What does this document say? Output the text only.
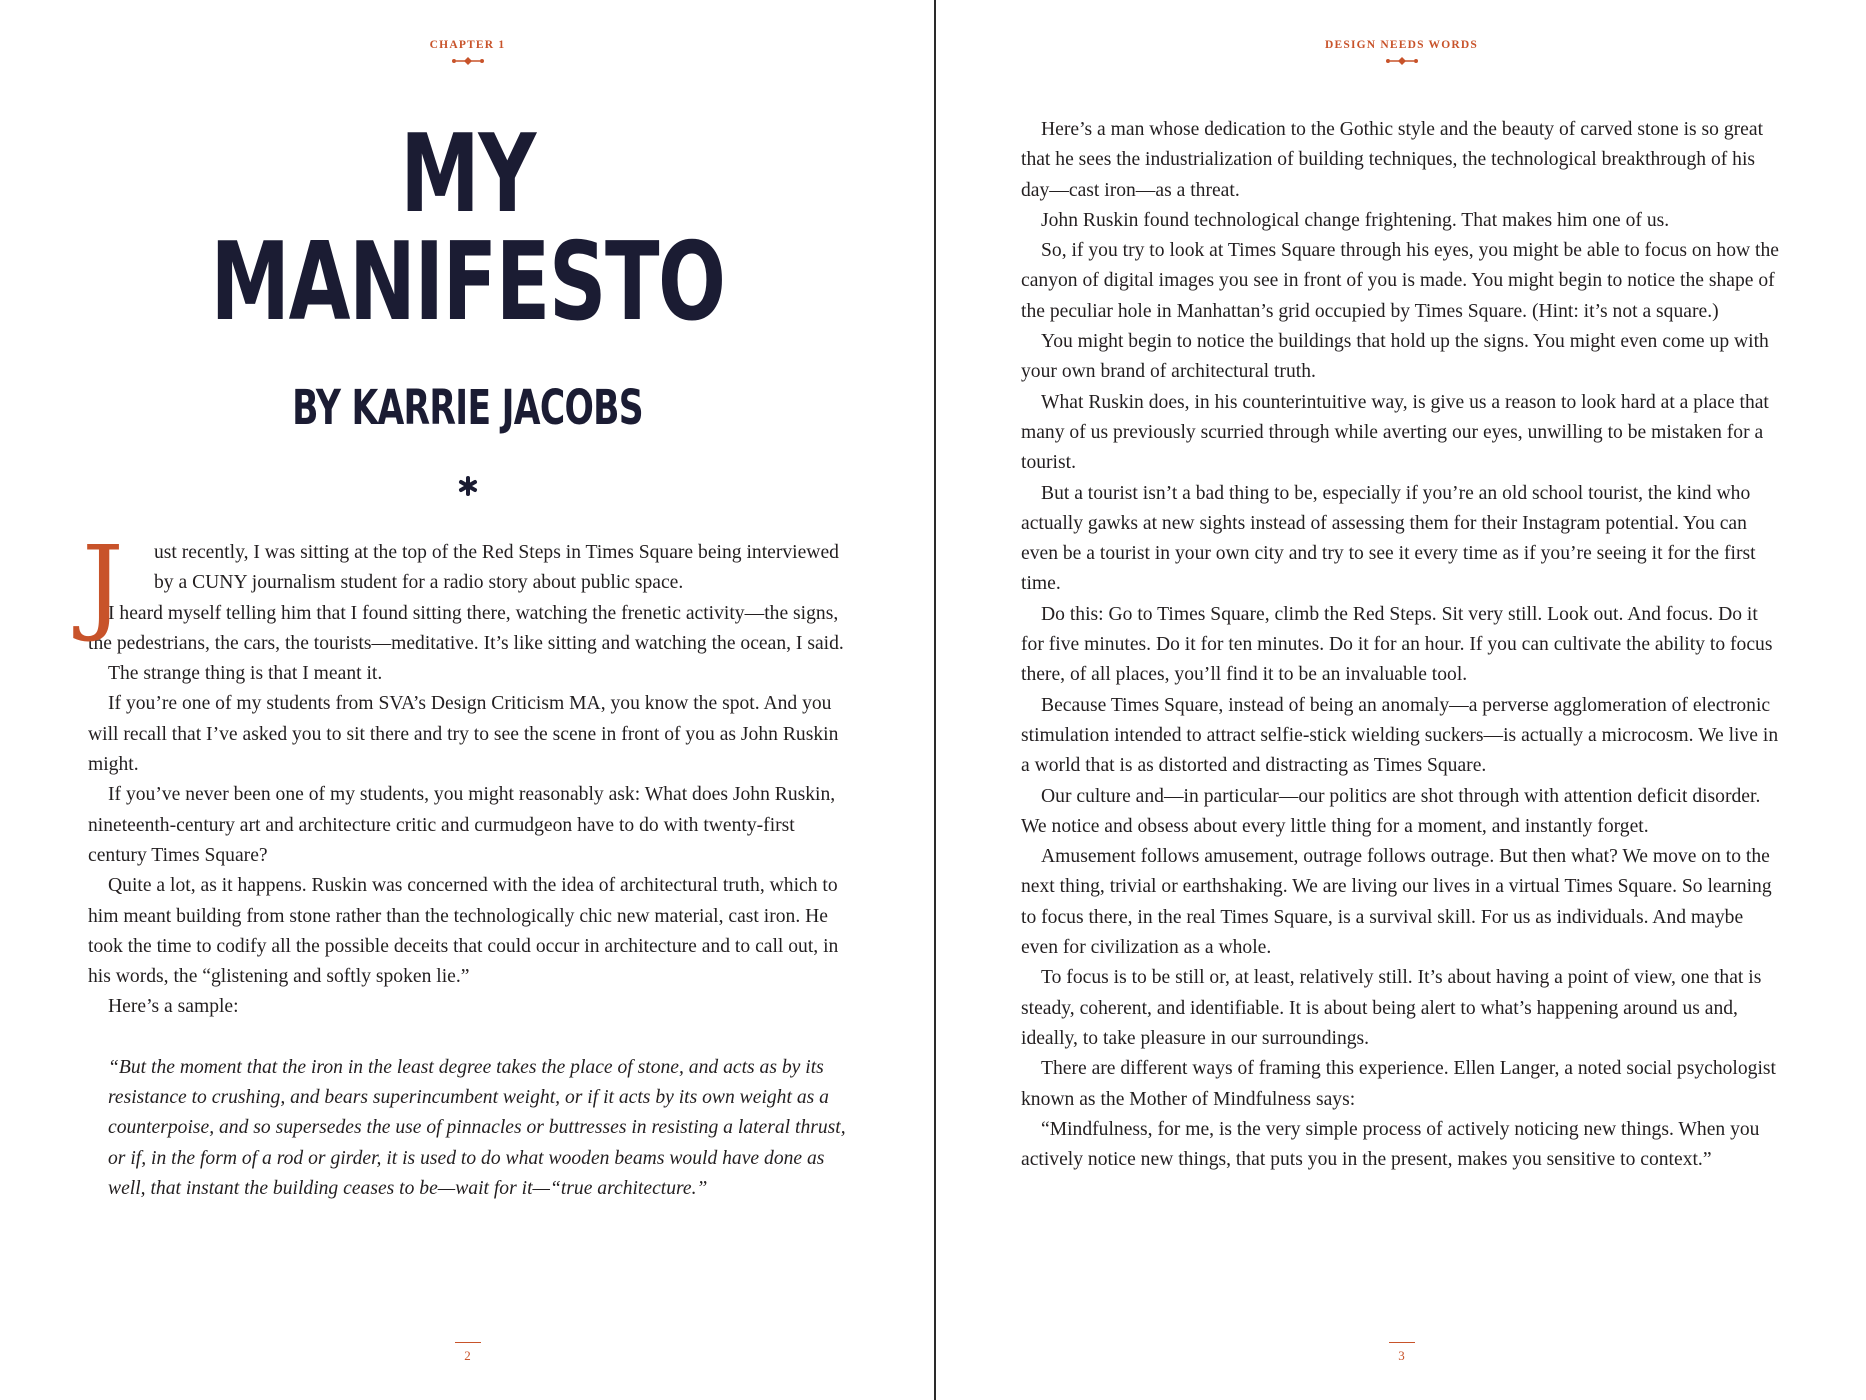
CHAPTER 1
MY
MANIFESTO
BY KARRIE JACOBS

J ust recently, I was sitting at the top of the Red Steps in Times Square being interviewed by a CUNY journalism student for a radio story about public space.

I heard myself telling him that I found sitting there, watching the frenetic activity—the signs, the pedestrians, the cars, the tourists—meditative. It’s like sitting and watching the ocean, I said.

The strange thing is that I meant it.

If you’re one of my students from SVA’s Design Criticism MA, you know the spot. And you will recall that I’ve asked you to sit there and try to see the scene in front of you as John Ruskin might.

If you’ve never been one of my students, you might reasonably ask: What does John Ruskin, nineteenth-century art and architecture critic and curmudgeon have to do with twenty-first century Times Square?

Quite a lot, as it happens. Ruskin was concerned with the idea of architectural truth, which to him meant building from stone rather than the technologically chic new material, cast iron. He took the time to codify all the possible deceits that could occur in architecture and to call out, in his words, the “glistening and softly spoken lie.”

Here’s a sample:

“But the moment that the iron in the least degree takes the place of stone, and acts as by its resistance to crushing, and bears superincumbent weight, or if it acts by its own weight as a counterpoise, and so supersedes the use of pinnacles or buttresses in resisting a lateral thrust, or if, in the form of a rod or girder, it is used to do what wooden beams would have done as well, that instant the building ceases to be—wait for it—“true architecture.”

2
DESIGN NEEDS WORDS

Here’s a man whose dedication to the Gothic style and the beauty of carved stone is so great that he sees the industrialization of building techniques, the technological breakthrough of his day—cast iron—as a threat.

John Ruskin found technological change frightening. That makes him one of us.

So, if you try to look at Times Square through his eyes, you might be able to focus on how the canyon of digital images you see in front of you is made. You might begin to notice the shape of the peculiar hole in Manhattan’s grid occupied by Times Square. (Hint: it’s not a square.)

You might begin to notice the buildings that hold up the signs. You might even come up with your own brand of architectural truth.

What Ruskin does, in his counterintuitive way, is give us a reason to look hard at a place that many of us previously scurried through while averting our eyes, unwilling to be mistaken for a tourist.

But a tourist isn’t a bad thing to be, especially if you’re an old school tourist, the kind who actually gawks at new sights instead of assessing them for their Instagram potential. You can even be a tourist in your own city and try to see it every time as if you’re seeing it for the first time.

Do this: Go to Times Square, climb the Red Steps. Sit very still. Look out. And focus. Do it for five minutes. Do it for ten minutes. Do it for an hour. If you can cultivate the ability to focus there, of all places, you’ll find it to be an invaluable tool.

Because Times Square, instead of being an anomaly—a perverse agglomeration of electronic stimulation intended to attract selfie-stick wielding suckers—is actually a microcosm. We live in a world that is as distorted and distracting as Times Square.

Our culture and—in particular—our politics are shot through with attention deficit disorder. We notice and obsess about every little thing for a moment, and instantly forget.

Amusement follows amusement, outrage follows outrage. But then what? We move on to the next thing, trivial or earthshaking. We are living our lives in a virtual Times Square. So learning to focus there, in the real Times Square, is a survival skill. For us as individuals. And maybe even for civilization as a whole.

To focus is to be still or, at least, relatively still. It’s about having a point of view, one that is steady, coherent, and identifiable. It is about being alert to what’s happening around us and, ideally, to take pleasure in our surroundings.

There are different ways of framing this experience. Ellen Langer, a noted social psychologist known as the Mother of Mindfulness says:

“Mindfulness, for me, is the very simple process of actively noticing new things. When you actively notice new things, that puts you in the present, makes you sensitive to context.”

3
